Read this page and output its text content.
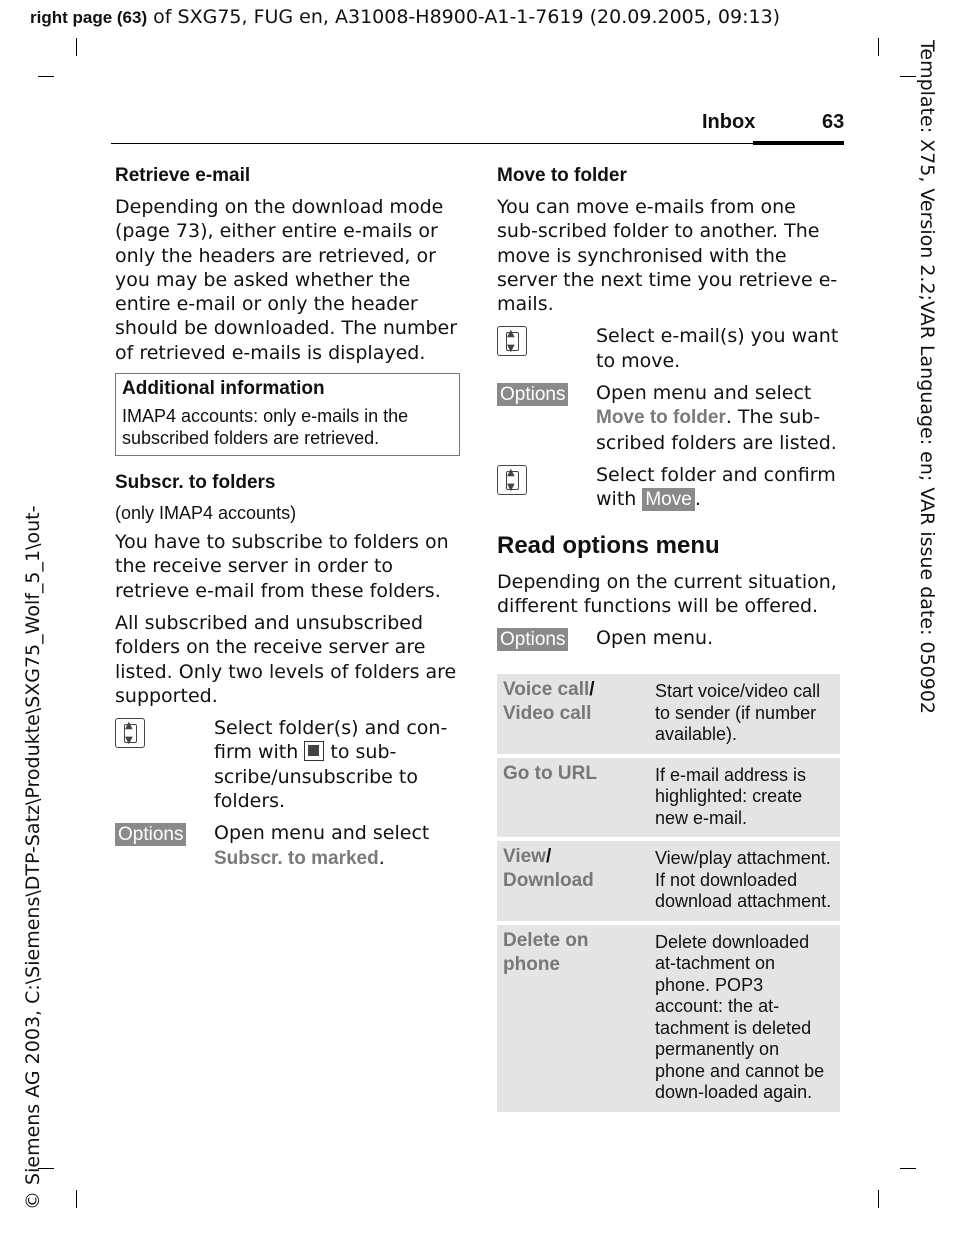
right page (63) of SXG75, FUG en, A31008-H8900-A1-1-7619 (20.09.2005, 09:13)
Template: X75, Version 2.2;VAR Language: en; VAR issue date: 050902
© Siemens AG 2003, C:\Siemens\DTP-Satz\Produkte\SXG75_Wolf_5_1\out-
Inbox	63
Retrieve e-mail

Depending on the download mode (page 73), either entire e-mails or only the headers are retrieved, or you may be asked whether the entire e-mail or only the header should be downloaded. The number of retrieved e-mails is displayed.

Additional information
IMAP4 accounts: only e-mails in the subscribed folders are retrieved.
Subscr. to folders
(only IMAP4 accounts)

You have to subscribe to folders on the receive server in order to retrieve e-mail from these folders.

All subscribed and unsubscribed folders on the receive server are listed. Only two levels of folders are supported.

▲
▼
Select folder(s) and con-firm with  to sub-scribe/unsubscribe to folders.
Options Open menu and select Subscr. to marked.
Move to folder

You can move e-mails from one sub-scribed folder to another. The move is synchronised with the server the next time you retrieve e-mails.

▲
▼
Select e-mail(s) you want to move.
Options Open menu and select Move to folder. The sub-scribed folders are listed.
▲
▼
Select folder and confirm with Move .
Read options menu

Depending on the current situation, different functions will be offered.

Options Open menu.
Voice call/
Video call	Start voice/video call to sender (if number available).
Go to URL	If e-mail address is highlighted: create new e-mail.
View/
Download	View/play attachment. If not downloaded download attachment.
Delete on phone	Delete downloaded at-tachment on phone. POP3 account: the at-tachment is deleted permanently on phone and cannot be down-loaded again.
